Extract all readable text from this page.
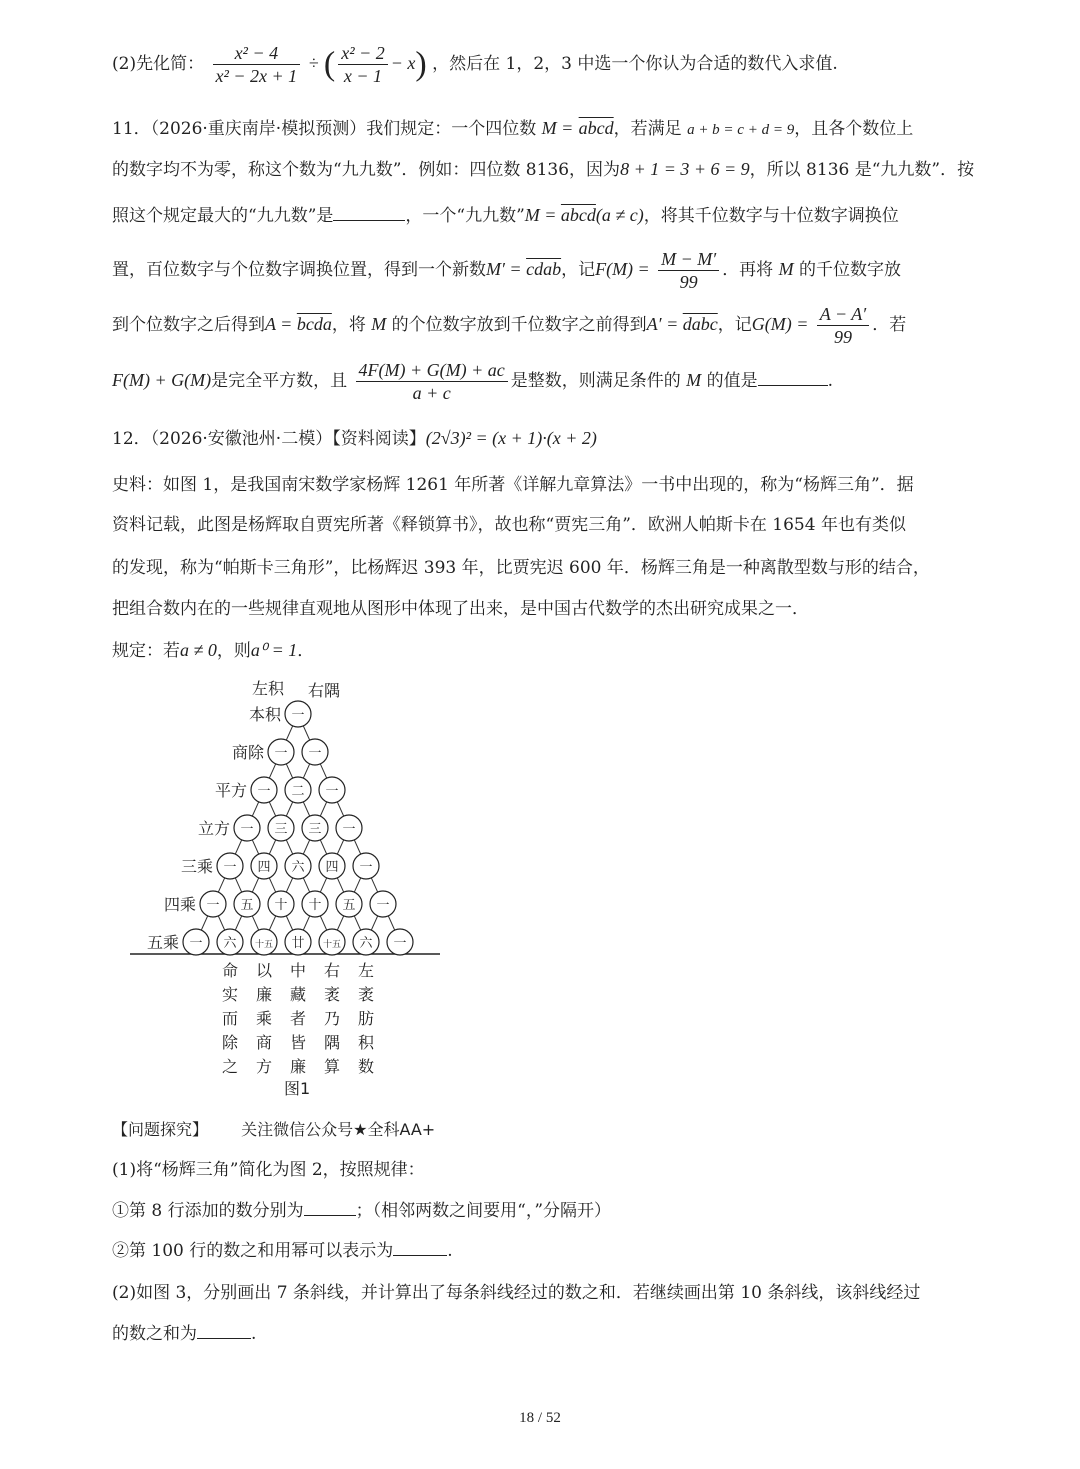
(2)先化简： $\frac{\text{x² − 4}}{\text{x² − 2x + 1}}$ ÷ ( $\frac{\text{x² − 2}}{x - 1} - x$) ，然后在 1，2，3 中选一个你认为合适的数代入求值.
11．（2026·重庆南岸·模拟预测）我们规定：一个四位数 M = abcd，若满足 a + b = c + d = 9，且各个数位上
的数字均不为零，称这个数为“九九数”．例如：四位数 8136，因为8 + 1 = 3 + 6 = 9，所以 8136 是“九九数”．按
照这个规定最大的“九九数”是	，一个“九九数”M = abcd(a ≠ c)，将其千位数字与十位数字调换位
置，百位数字与个位数字调换位置，得到一个新数M′ = cdab，记$F(M) = \frac{M - M'}{99}$ ．再将 M 的千位数字放
到个位数字之后得到A = bcda，将 M 的个位数字放到千位数字之前得到A′ = dabc，记$G(M) = \frac{A - A'}{99}$ ．若
F(M) + G(M)是完全平方数，且 $\frac{4F(M) + G(M) + ac}{a + c}$ 是整数，则满足条件的 M 的值是	.
12．（2026·安徽池州·二模）【资料阅读】(2√3)² = (x + 1)·(x + 2)
史料：如图 1，是我国南宋数学家杨辉 1261 年所著《详解九章算法》一书中出现的，称为“杨辉三角”．据
资料记载，此图是杨辉取自贾宪所著《释锁算书》，故也称“贾宪三角”．欧洲人帕斯卡在 1654 年也有类似
的发现，称为“帕斯卡三角形”，比杨辉迟 393 年，比贾宪迟 600 年．杨辉三角是一种离散型数与形的结合，
把组合数内在的一些规律直观地从图形中体现了出来，是中国古代数学的杰出研究成果之一．
规定：若a ≠ 0，则a⁰ = 1．
左积 右隅
图1
一
本积
一 一
商除
一 二 一
平方
一 三 三 一
立方
一 四 六 四 一
三乘
一 五 十 十 五 一
四乘
一 六 十五 廿 十五 六 一
五乘
命
实
而
除
之
以
廉
乘
商
方
中
藏
者
皆
廉
右
袤
乃
隅
算
左
袤
肪
积
数
【问题探究】 关注微信公众号★全科AA+
(1)将“杨辉三角”简化为图 2，按照规律：
①第 8 行添加的数分别为	；（相邻两数之间要用“，”分隔开）
②第 100 行的数之和用幂可以表示为	.
(2)如图 3，分别画出 7 条斜线，并计算出了每条斜线经过的数之和．若继续画出第 10 条斜线，该斜线经过
的数之和为	.
18 / 52
